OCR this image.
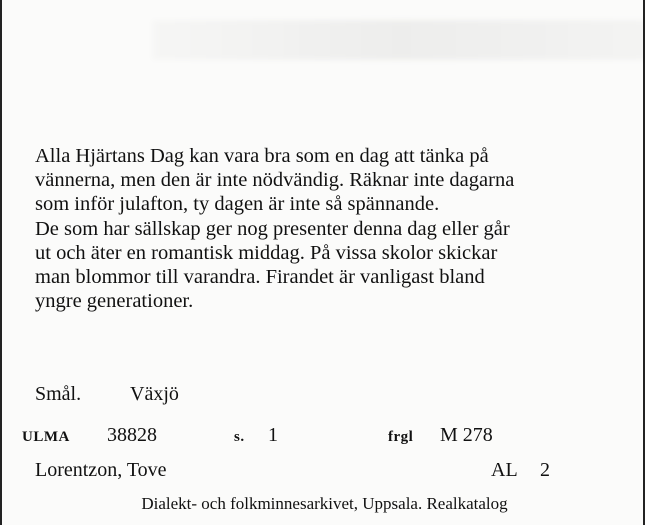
Alla Hjärtans Dag kan vara bra som en dag att tänka på
vännerna, men den är inte nödvändig. Räknar inte dagarna
som inför julafton, ty dagen är inte så spännande.
De som har sällskap ger nog presenter denna dag eller går
ut och äter en romantisk middag. På vissa skolor skickar
man blommor till varandra. Firandet är vanligast bland
yngre generationer.
Smål. Växjö
ULMA 38828	s. 1	frgl M 278
Lorentzon, Tove	AL 2
Dialekt- och folkminnesarkivet, Uppsala. Realkatalog
